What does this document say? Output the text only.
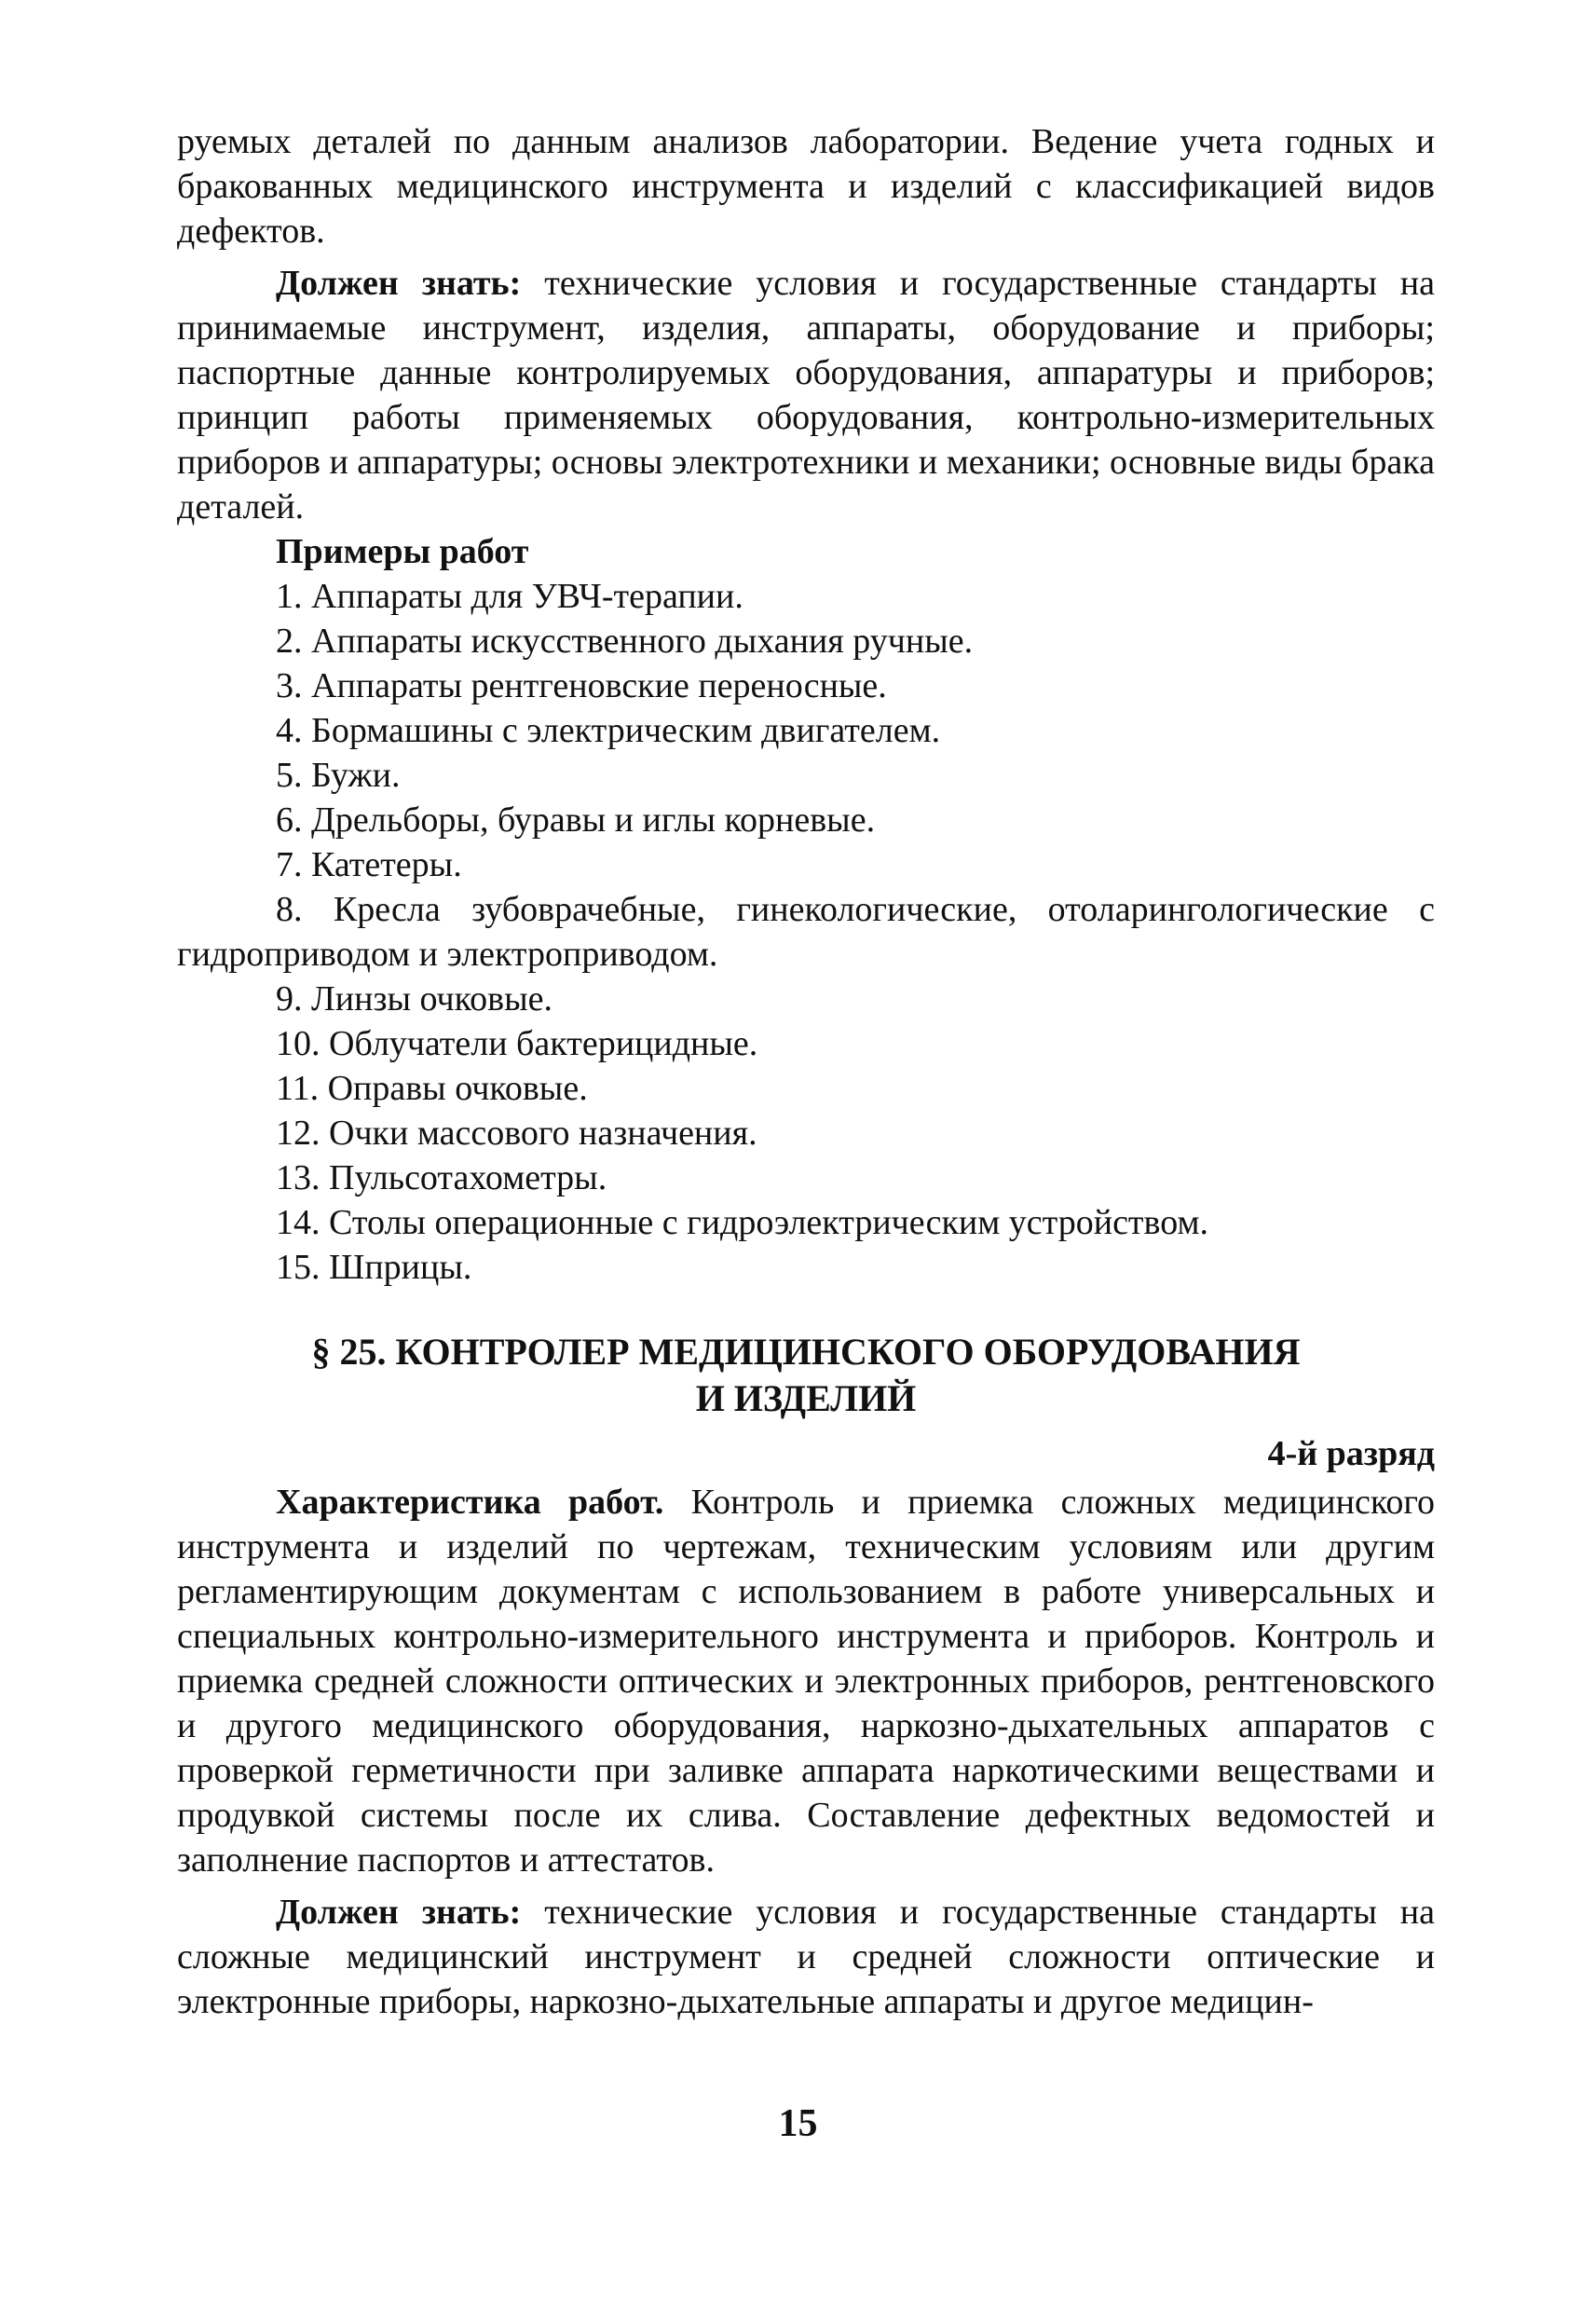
руемых деталей по данным анализов лаборатории. Ведение учета годных и бракованных медицинского инструмента и изделий с классификацией видов дефектов.

Должен знать: технические условия и государственные стандарты на принимаемые инструмент, изделия, аппараты, оборудование и приборы; паспортные данные контролируемых оборудования, аппаратуры и приборов; принцип работы применяемых оборудования, контрольно-измерительных приборов и аппаратуры; основы электротехники и механики; основные виды брака деталей.

Примеры работ

1. Аппараты для УВЧ-терапии.
2. Аппараты искусственного дыхания ручные.
3. Аппараты рентгеновские переносные.
4. Бормашины с электрическим двигателем.
5. Бужи.
6. Дрельборы, буравы и иглы корневые.
7. Катетеры.
8. Кресла зубоврачебные, гинекологические, отоларингологические с гидроприводом и электроприводом.
9. Линзы очковые.
10. Облучатели бактерицидные.
11. Оправы очковые.
12. Очки массового назначения.
13. Пульсотахометры.
14. Столы операционные с гидроэлектрическим устройством.
15. Шприцы.
§ 25. КОНТРОЛЕР МЕДИЦИНСКОГО ОБОРУДОВАНИЯ
И ИЗДЕЛИЙ
4-й разряд

Характеристика работ. Контроль и приемка сложных медицинского инструмента и изделий по чертежам, техническим условиям или другим регламентирующим документам с использованием в работе универсальных и специальных контрольно-измерительного инструмента и приборов. Контроль и приемка средней сложности оптических и электронных приборов, рентгеновского и другого медицинского оборудования, наркозно-дыхательных аппаратов с проверкой герметичности при заливке аппарата наркотическими веществами и продувкой системы после их слива. Составление дефектных ведомостей и заполнение паспортов и аттестатов.

Должен знать: технические условия и государственные стандарты на сложные медицинский инструмент и средней сложности оптические и электронные приборы, наркозно-дыхательные аппараты и другое медицин-

15
